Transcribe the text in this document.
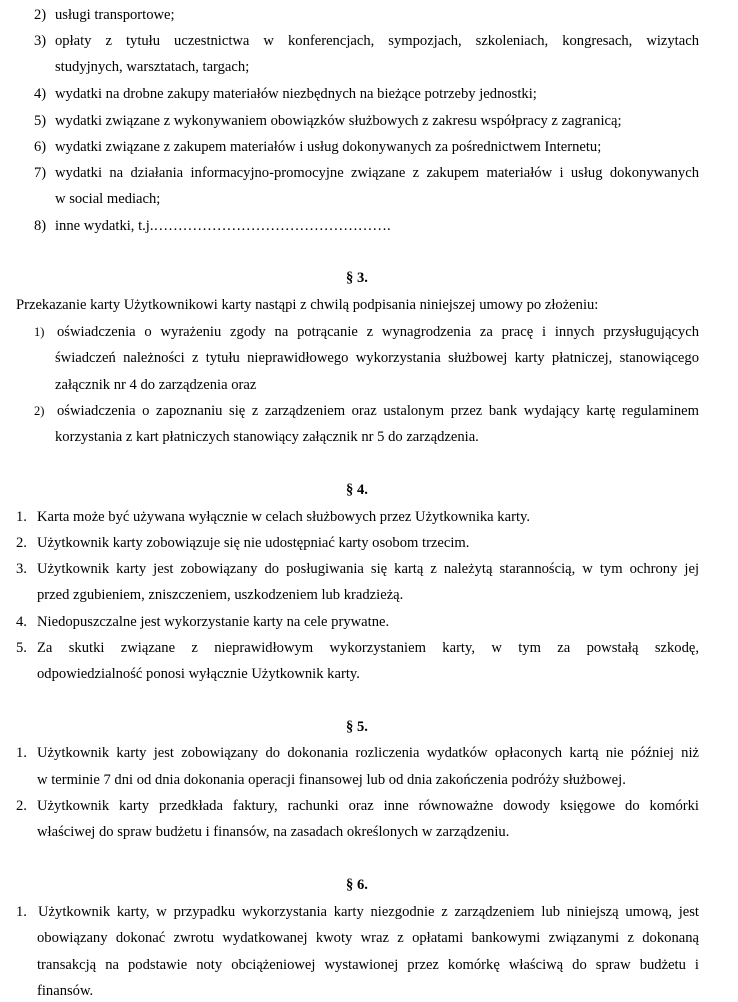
2) usługi transportowe;
3) opłaty z tytułu uczestnictwa w konferencjach, sympozjach, szkoleniach, kongresach, wizytach
studyjnych, warsztatach, targach;
4) wydatki na drobne zakupy materiałów niezbędnych na bieżące potrzeby jednostki;
5) wydatki związane z wykonywaniem obowiązków służbowych z zakresu współpracy z zagranicą;
6) wydatki związane z zakupem materiałów i usług dokonywanych za pośrednictwem Internetu;
7) wydatki na działania informacyjno-promocyjne związane z zakupem materiałów i usług dokonywanych
w social mediach;
8) inne wydatki, t.j.………………………………………….
§ 3.
Przekazanie karty Użytkownikowi karty nastąpi z chwilą podpisania niniejszej umowy po złożeniu:
1) oświadczenia o wyrażeniu zgody na potrącanie z wynagrodzenia za pracę i innych przysługujących
świadczeń należności z tytułu nieprawidłowego wykorzystania służbowej karty płatniczej, stanowiącego
załącznik nr 4 do zarządzenia oraz
2) oświadczenia o zapoznaniu się z zarządzeniem oraz ustalonym przez bank wydający kartę regulaminem
korzystania z kart płatniczych stanowiący załącznik nr 5 do zarządzenia.
§ 4.
1. Karta może być używana wyłącznie w celach służbowych przez Użytkownika karty.
2. Użytkownik karty zobowiązuje się nie udostępniać karty osobom trzecim.
3. Użytkownik karty jest zobowiązany do posługiwania się kartą z należytą starannością, w tym ochrony jej
przed zgubieniem, zniszczeniem, uszkodzeniem lub kradzieżą.
4. Niedopuszczalne jest wykorzystanie karty na cele prywatne.
5. Za skutki związane z nieprawidłowym wykorzystaniem karty, w tym za powstałą szkodę,
odpowiedzialność ponosi wyłącznie Użytkownik karty.
§ 5.
1. Użytkownik karty jest zobowiązany do dokonania rozliczenia wydatków opłaconych kartą nie później niż
w terminie 7 dni od dnia dokonania operacji finansowej lub od dnia zakończenia podróży służbowej.
2. Użytkownik karty przedkłada faktury, rachunki oraz inne równoważne dowody księgowe do komórki
właściwej do spraw budżetu i finansów, na zasadach określonych w zarządzeniu.
§ 6.
1. Użytkownik karty, w przypadku wykorzystania karty niezgodnie z zarządzeniem lub niniejszą umową, jest
obowiązany dokonać zwrotu wydatkowanej kwoty wraz z opłatami bankowymi związanymi z dokonaną
transakcją na podstawie noty obciążeniowej wystawionej przez komórkę właściwą do spraw budżetu i
finansów.
